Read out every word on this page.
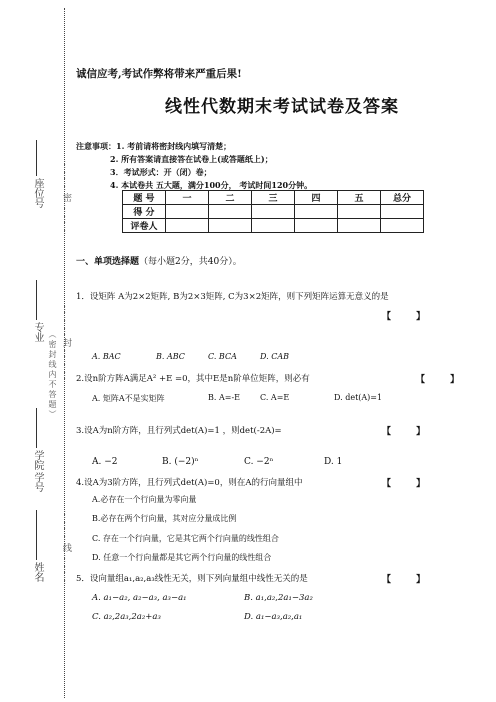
………密………
………封………
………线………
（密封线内不答题）
座位号
专业
学院
学号
姓名
诚信应考,考试作弊将带来严重后果!
线性代数期末考试试卷及答案
注意事项：1. 考前请将密封线内填写清楚；
2. 所有答案请直接答在试卷上(或答题纸上)；
3．考试形式：开（闭）卷；
4. 本试卷共 五大题，满分100分， 考试时间120分钟。
题 号	一	二	三	四	五	总分
得 分						
评卷人						
一、单项选择题（每小题2分，共40分）。
1．设矩阵 A为2×2矩阵, B为2×3矩阵, C为3×2矩阵，则下列矩阵运算无意义的是
【        】
A. BAC	B. ABC	C. BCA	D. CAB
2.设n阶方阵A满足A² +E =0，其中E是n阶单位矩阵，则必有	【        】
A. 矩阵A不是实矩阵	B. A=-E	C. A=E	D. det(A)=1
3.设A为n阶方阵，且行列式det(A)=1 ，则det(-2A)=	【        】
A. −2	B. (−2)ⁿ	C. −2ⁿ	D. 1
4.设A为3阶方阵，且行列式det(A)=0，则在A的行向量组中	【        】
A.必存在一个行向量为零向量
B.必存在两个行向量，其对应分量成比例
C. 存在一个行向量，它是其它两个行向量的线性组合
D. 任意一个行向量都是其它两个行向量的线性组合
5．设向量组a₁,a₂,a₃线性无关，则下列向量组中线性无关的是	【        】
A. a₁−a₂, a₂−a₃, a₃−a₁	B. a₁,a₂,2a₁−3a₂
C. a₂,2a₃,2a₂+a₃	D. a₁−a₃,a₂,a₁
